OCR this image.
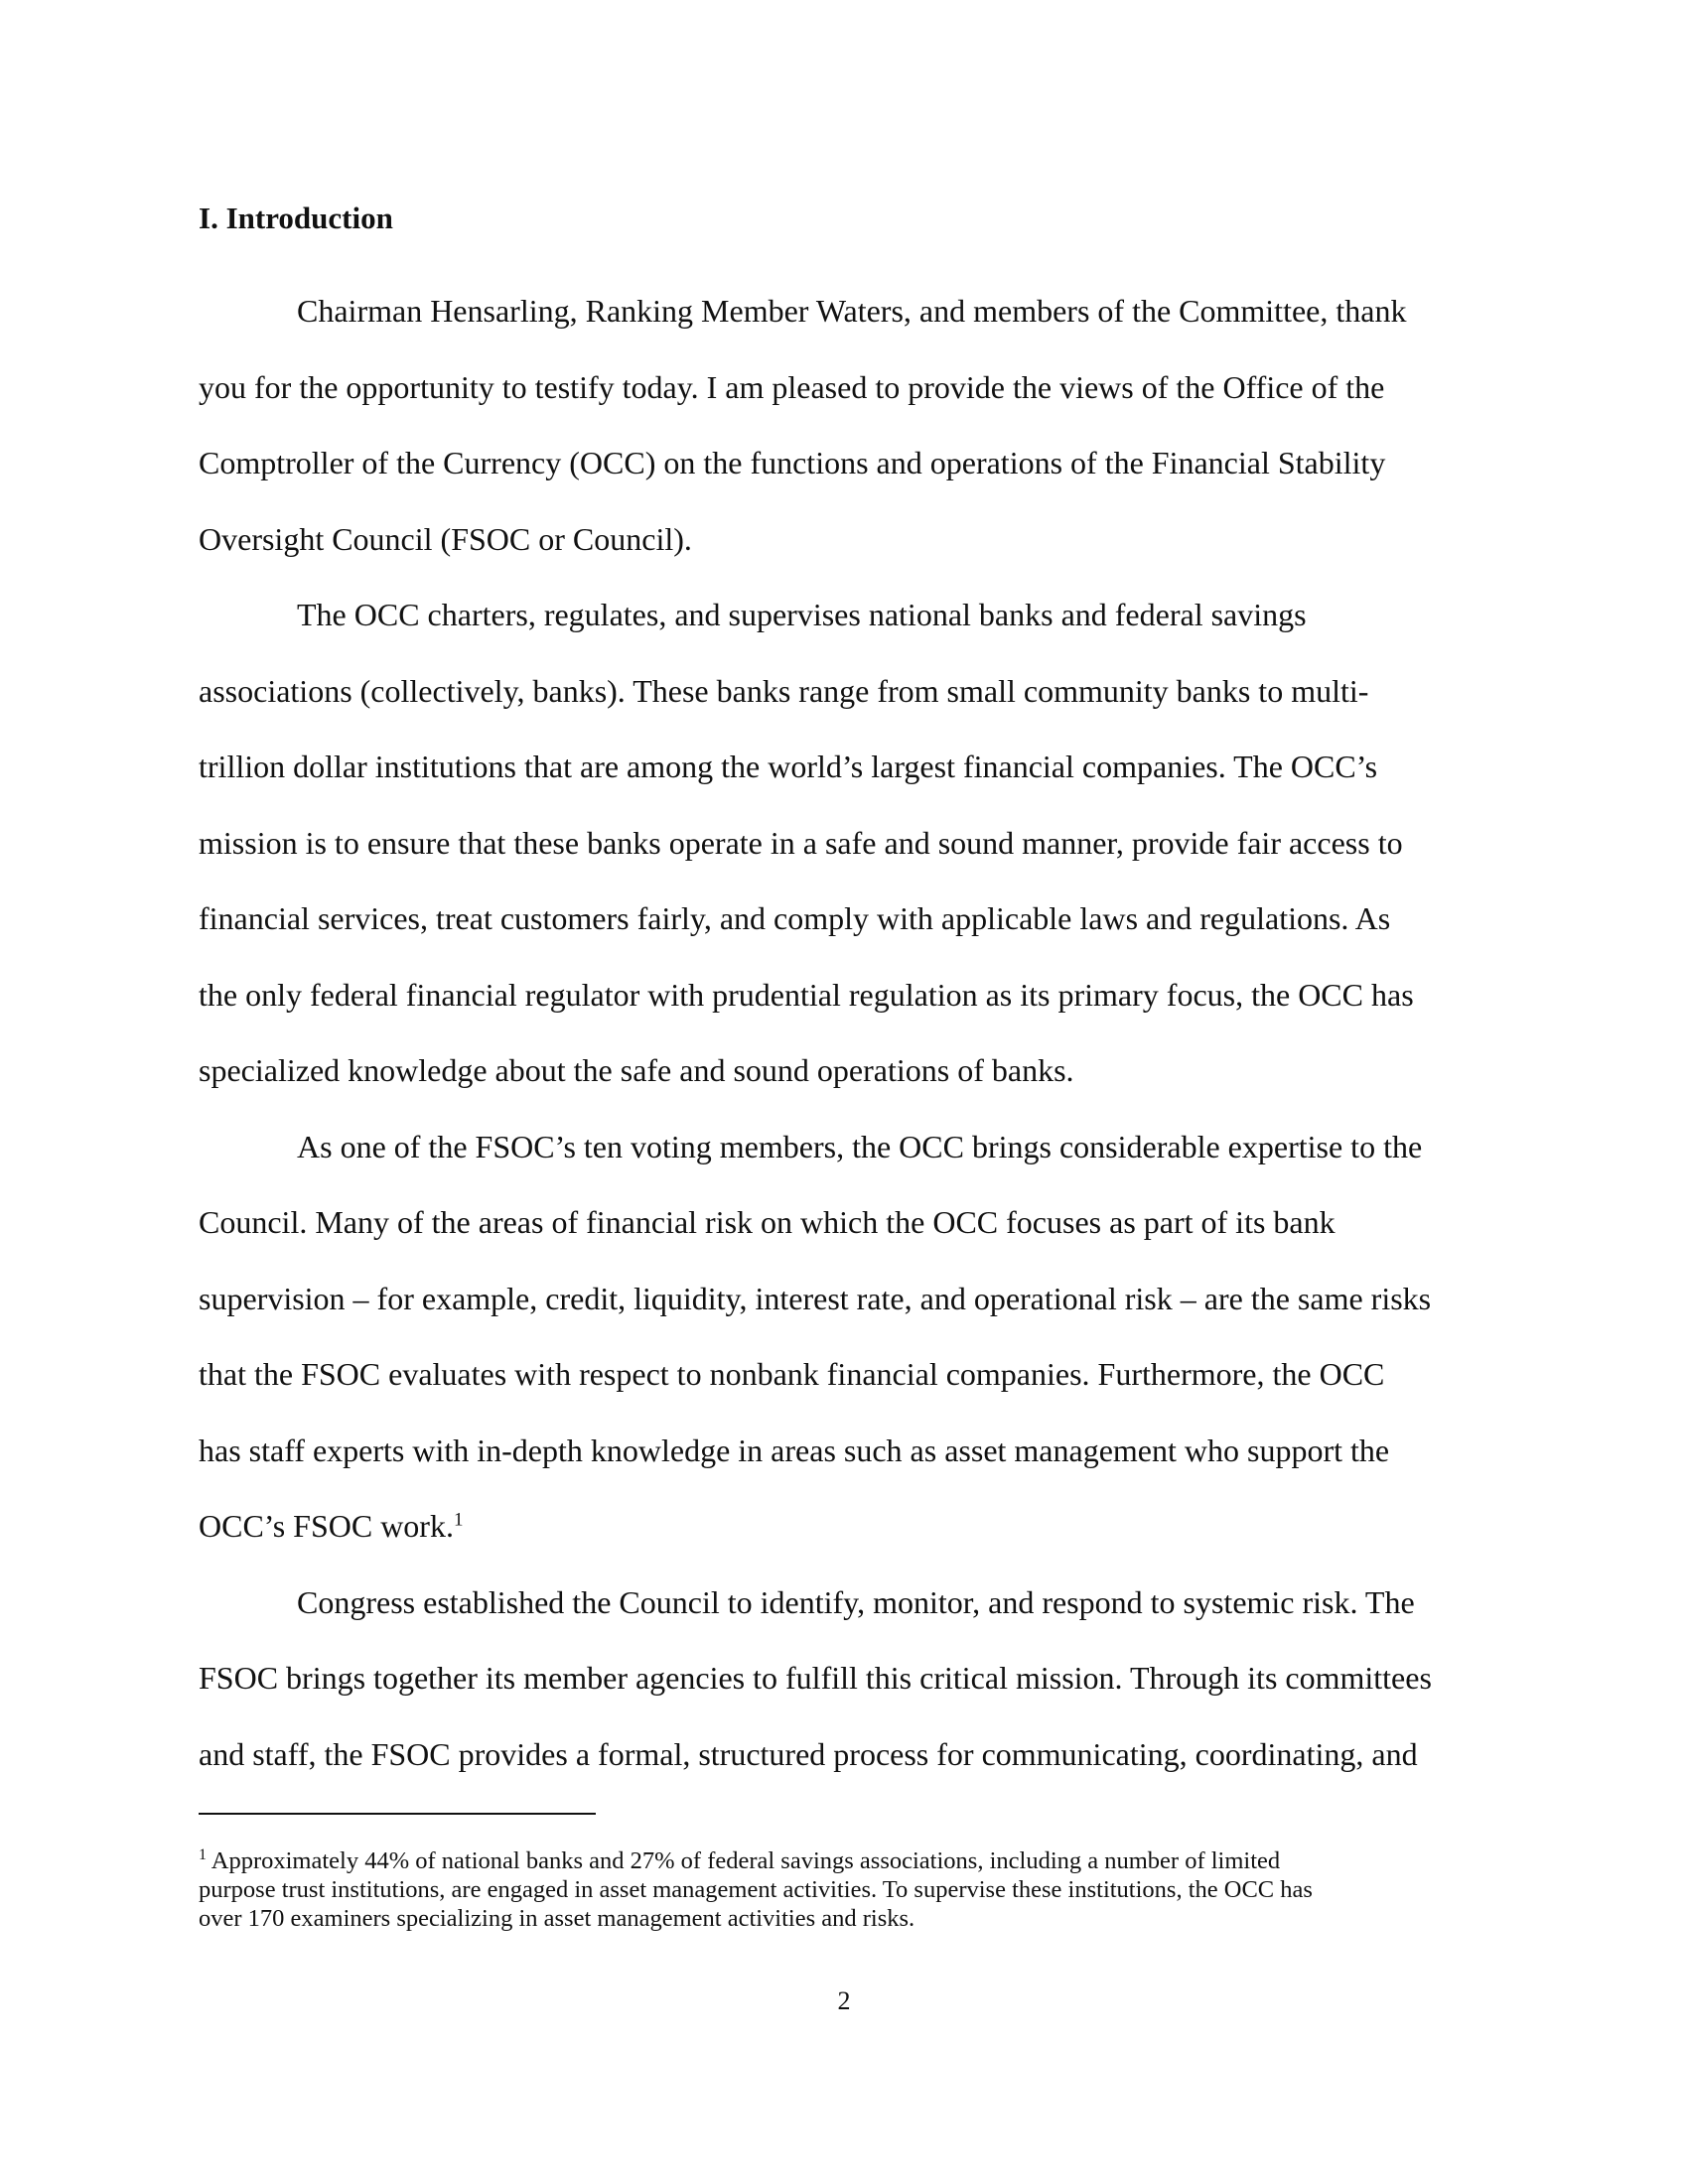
I. Introduction
Chairman Hensarling, Ranking Member Waters, and members of the Committee, thank
you for the opportunity to testify today. I am pleased to provide the views of the Office of the
Comptroller of the Currency (OCC) on the functions and operations of the Financial Stability
Oversight Council (FSOC or Council).
The OCC charters, regulates, and supervises national banks and federal savings
associations (collectively, banks). These banks range from small community banks to multi-
trillion dollar institutions that are among the world’s largest financial companies. The OCC’s
mission is to ensure that these banks operate in a safe and sound manner, provide fair access to
financial services, treat customers fairly, and comply with applicable laws and regulations. As
the only federal financial regulator with prudential regulation as its primary focus, the OCC has
specialized knowledge about the safe and sound operations of banks.
As one of the FSOC’s ten voting members, the OCC brings considerable expertise to the
Council. Many of the areas of financial risk on which the OCC focuses as part of its bank
supervision – for example, credit, liquidity, interest rate, and operational risk – are the same risks
that the FSOC evaluates with respect to nonbank financial companies. Furthermore, the OCC
has staff experts with in-depth knowledge in areas such as asset management who support the
OCC’s FSOC work.$^1$
Congress established the Council to identify, monitor, and respond to systemic risk. The
FSOC brings together its member agencies to fulfill this critical mission. Through its committees
and staff, the FSOC provides a formal, structured process for communicating, coordinating, and
$^1$ Approximately 44% of national banks and 27% of federal savings associations, including a number of limited
purpose trust institutions, are engaged in asset management activities. To supervise these institutions, the OCC has
over 170 examiners specializing in asset management activities and risks.
2
